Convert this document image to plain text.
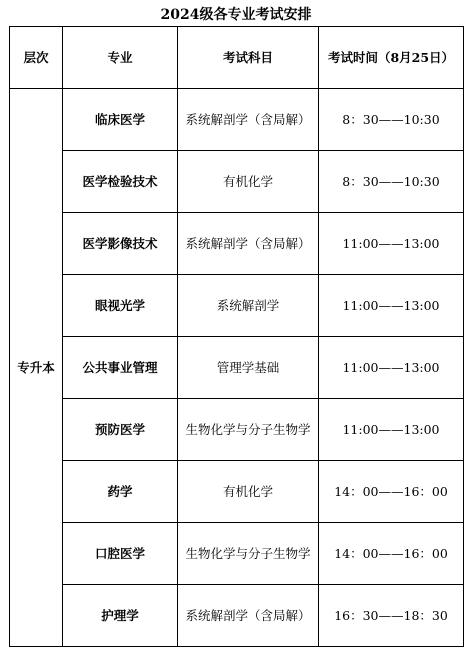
2024级各专业考试安排
层次	专业	考试科目	考试时间（8月25日）
专升本	临床医学	系统解剖学（含局解）	8：30——10:30
	医学检验技术	有机化学	8：30——10:30
	医学影像技术	系统解剖学（含局解）	11:00——13:00
	眼视光学	系统解剖学	11:00——13:00
	公共事业管理	管理学基础	11:00——13:00
	预防医学	生物化学与分子生物学	11:00——13:00
	药学	有机化学	14：00——16：00
	口腔医学	生物化学与分子生物学	14：00——16：00
	护理学	系统解剖学（含局解）	16：30——18：30
